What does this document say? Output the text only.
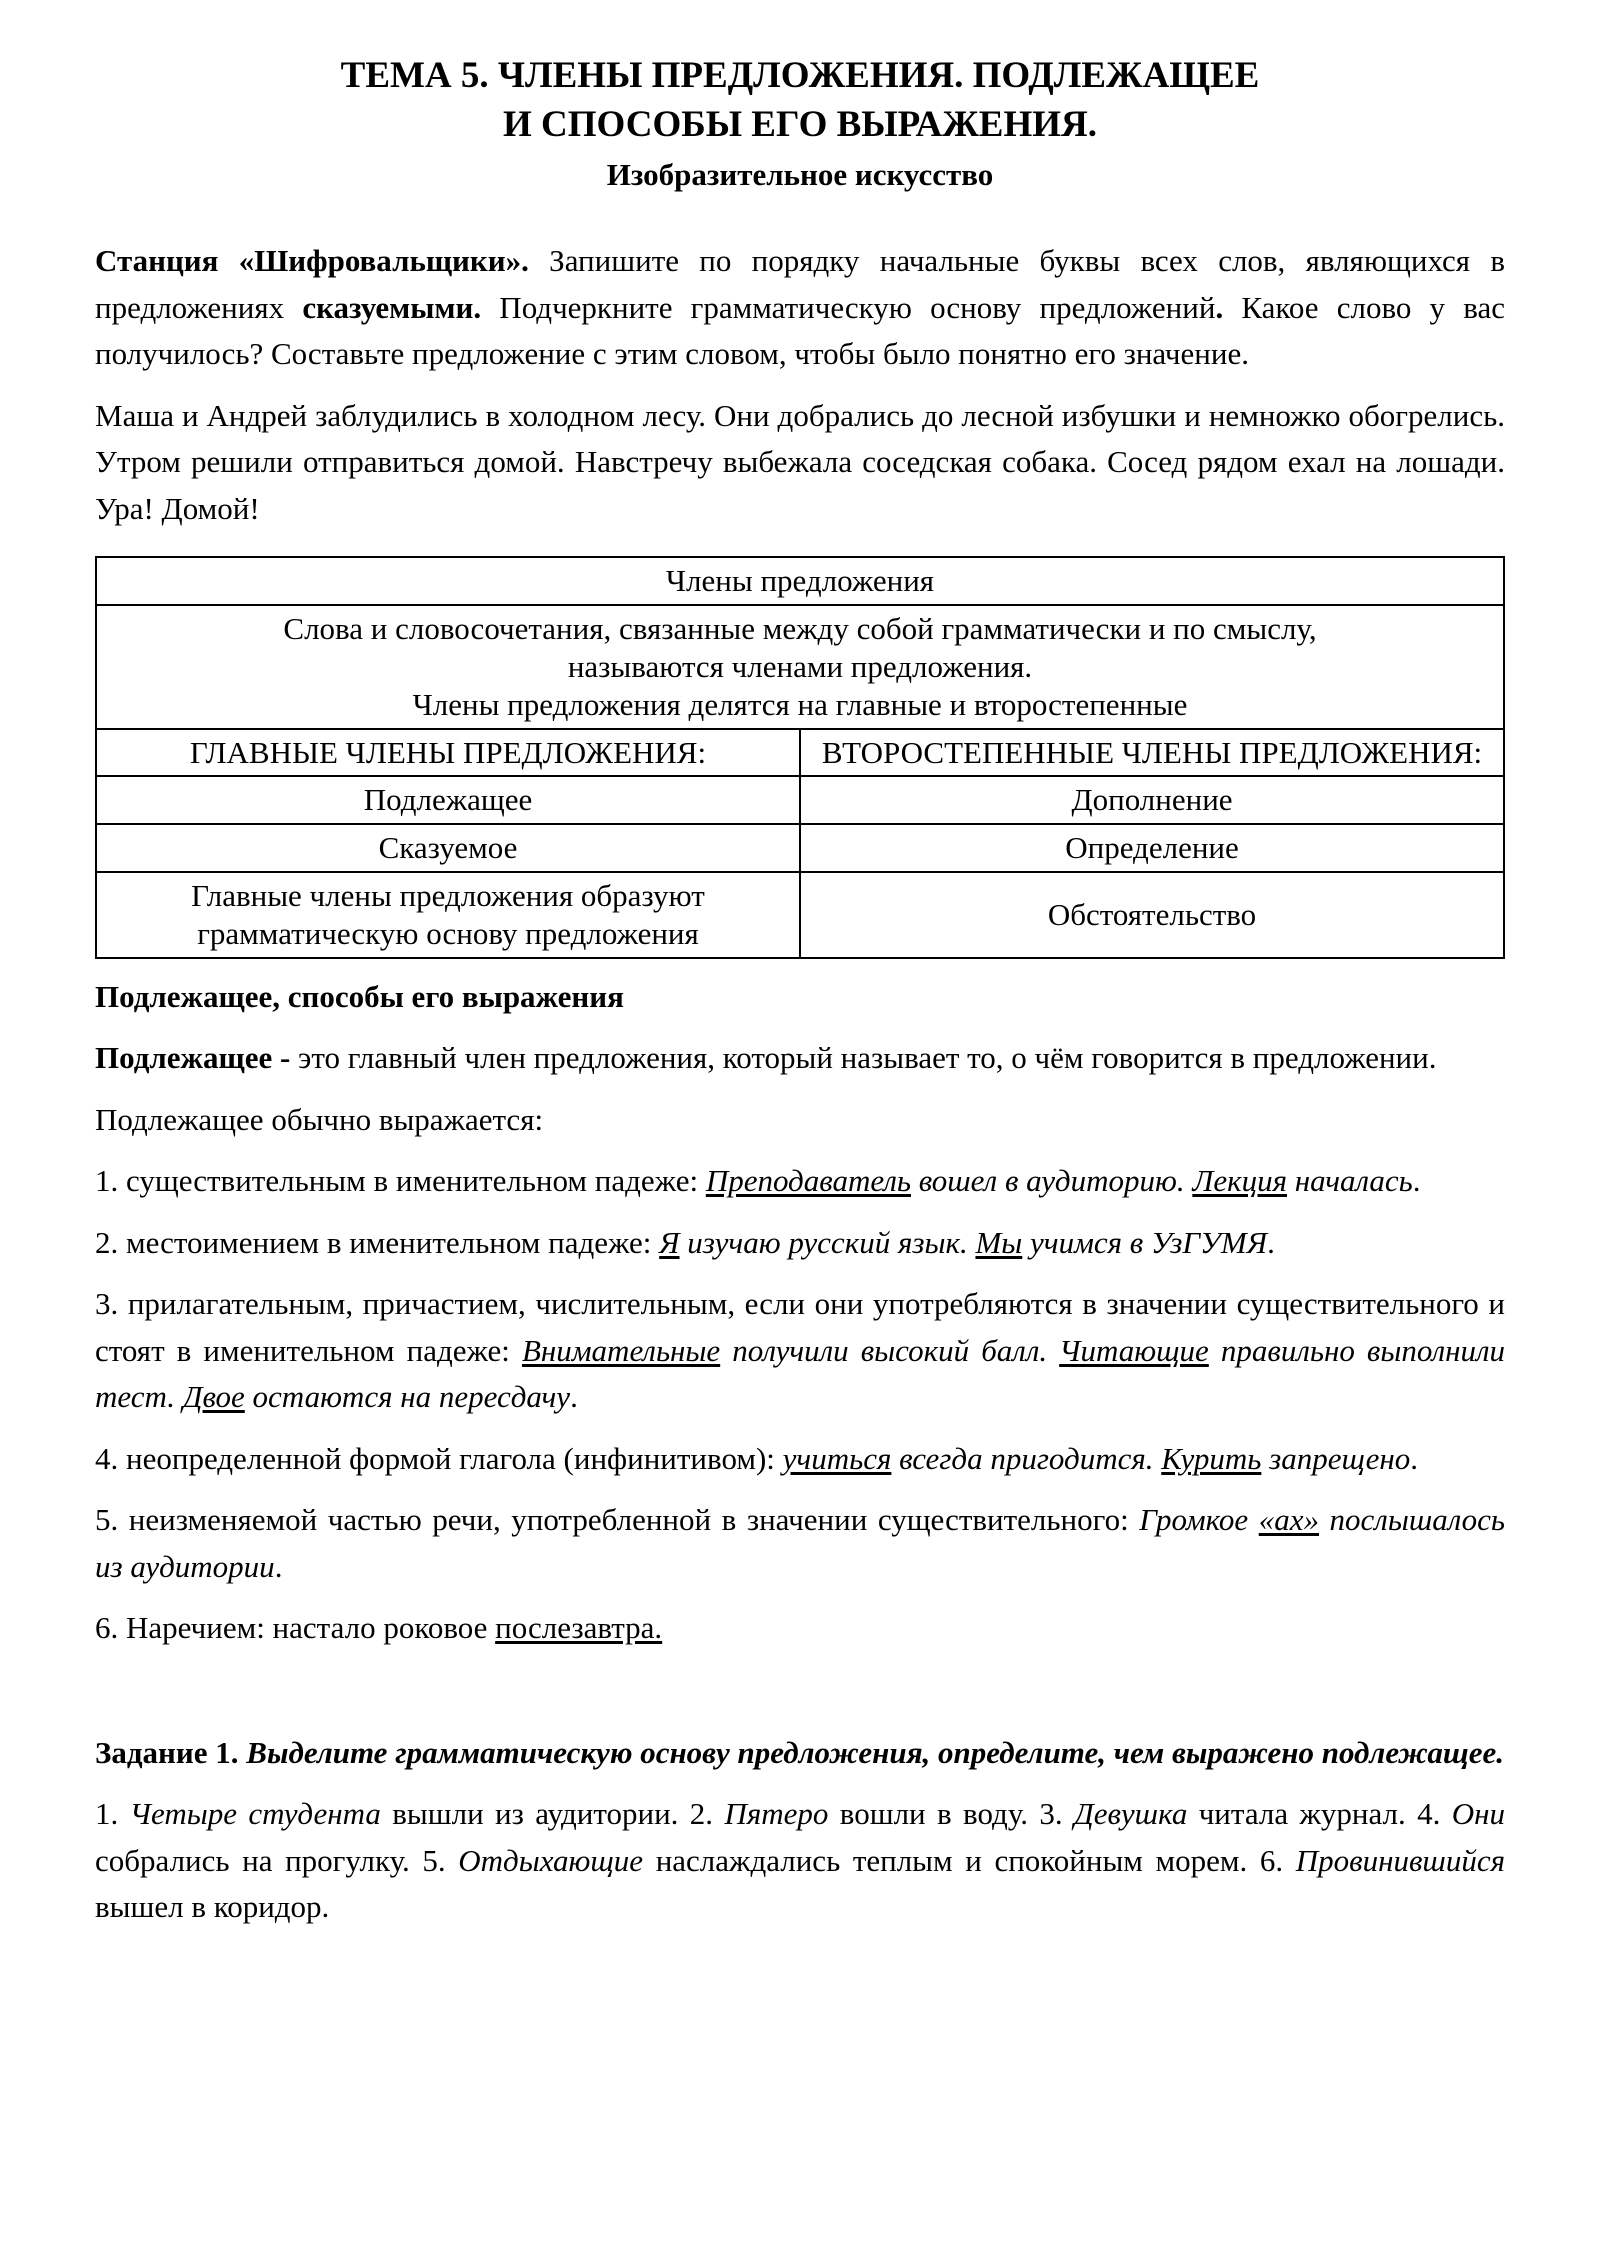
ТЕМА 5. ЧЛЕНЫ ПРЕДЛОЖЕНИЯ. ПОДЛЕЖАЩЕЕ
И СПОСОБЫ ЕГО ВЫРАЖЕНИЯ.
Изобразительное искусство

Станция «Шифровальщики». Запишите по порядку начальные буквы всех слов, являющихся в предложениях сказуемыми. Подчеркните грамматическую основу предложений. Какое слово у вас получилось? Составьте предложение с этим словом, чтобы было понятно его значение.

Маша и Андрей заблудились в холодном лесу. Они добрались до лесной избушки и немножко обогрелись. Утром решили отправиться домой. Навстречу выбежала соседская собака. Сосед рядом ехал на лошади. Ура! Домой!

Члены предложения	

Слова и словосочетания, связанные между собой грамматически и по смыслу,
называются членами предложения.
Члены предложения делятся на главные и второстепенные	

ГЛАВНЫЕ ЧЛЕНЫ ПРЕДЛОЖЕНИЯ:	ВТОРОСТЕПЕННЫЕ ЧЛЕНЫ ПРЕДЛОЖЕНИЯ:
Подлежащее	Дополнение
Сказуемое	Определение
Главные члены предложения образуют грамматическую основу предложения	Обстоятельство

Подлежащее, способы его выражения

Подлежащее - это главный член предложения, который называет то, о чём говорится в предложении.

Подлежащее обычно выражается:

1. существительным в именительном падеже: Преподаватель вошел в аудиторию. Лекция началась.

2. местоимением в именительном падеже: Я изучаю русский язык. Мы учимся в УзГУМЯ.

3. прилагательным, причастием, числительным, если они употребляются в значении существительного и стоят в именительном падеже: Внимательные получили высокий балл. Читающие правильно выполнили тест. Двое остаются на пересдачу.

4. неопределенной формой глагола (инфинитивом): учиться всегда пригодится. Курить запрещено.

5. неизменяемой частью речи, употребленной в значении существительного: Громкое «ах» послышалось из аудитории.

6. Наречием: настало роковое послезавтра.

Задание 1. Выделите грамматическую основу предложения, определите, чем выражено подлежащее.

1. Четыре студента вышли из аудитории. 2. Пятеро вошли в воду. 3. Девушка читала журнал. 4. Они собрались на прогулку. 5. Отдыхающие наслаждались теплым и спокойным морем. 6. Провинившийся вышел в коридор.
